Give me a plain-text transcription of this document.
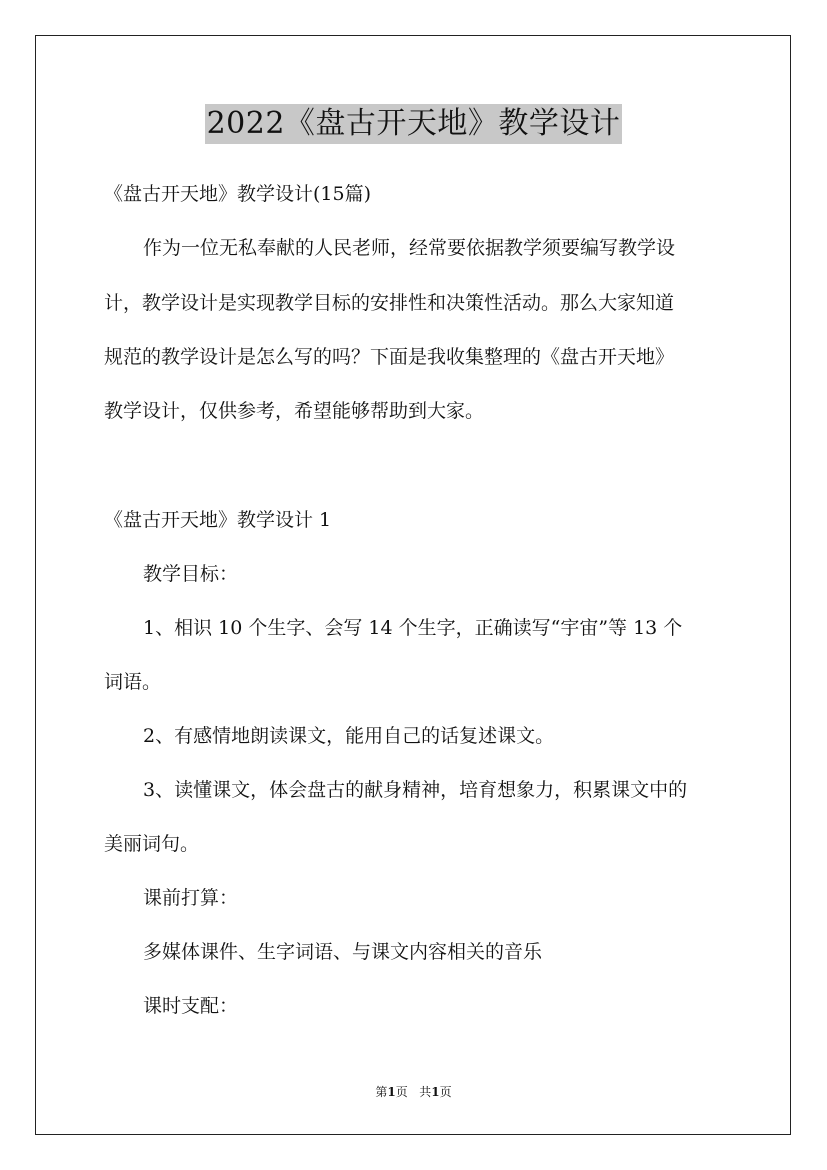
2022《盘古开天地》教学设计
《盘古开天地》教学设计(15篇)
作为一位无私奉献的人民老师，经常要依据教学须要编写教学设
计，教学设计是实现教学目标的安排性和决策性活动。那么大家知道
规范的教学设计是怎么写的吗？下面是我收集整理的《盘古开天地》
教学设计，仅供参考，希望能够帮助到大家。
《盘古开天地》教学设计 1
教学目标：
1、相识 10 个生字、会写 14 个生字，正确读写“宇宙”等 13 个
词语。
2、有感情地朗读课文，能用自己的话复述课文。
3、读懂课文，体会盘古的献身精神，培育想象力，积累课文中的
美丽词句。
课前打算：
多媒体课件、生字词语、与课文内容相关的音乐
课时支配：
第1页   共1页
